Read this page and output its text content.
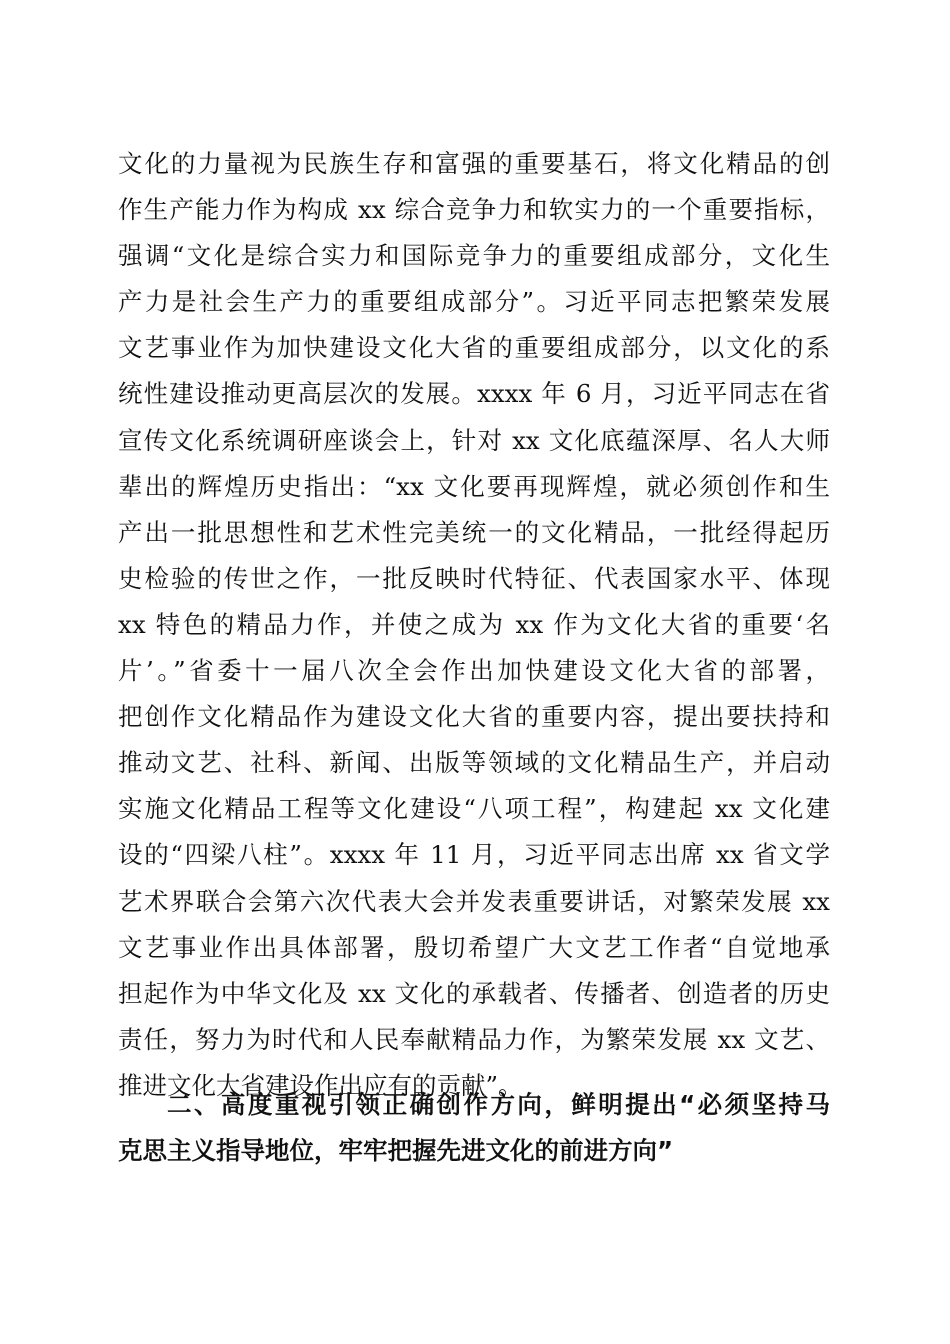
文化的力量视为民族生存和富强的重要基石，将文化精品的创
作生产能力作为构成 xx 综合竞争力和软实力的一个重要指标，
强调“文化是综合实力和国际竞争力的重要组成部分，文化生
产力是社会生产力的重要组成部分”。习近平同志把繁荣发展
文艺事业作为加快建设文化大省的重要组成部分，以文化的系
统性建设推动更高层次的发展。xxxx 年 6 月，习近平同志在省
宣传文化系统调研座谈会上，针对 xx 文化底蕴深厚、名人大师
辈出的辉煌历史指出：“xx 文化要再现辉煌，就必须创作和生
产出一批思想性和艺术性完美统一的文化精品，一批经得起历
史检验的传世之作，一批反映时代特征、代表国家水平、体现
xx 特色的精品力作，并使之成为 xx 作为文化大省的重要‘名
片’。”省委十一届八次全会作出加快建设文化大省的部署，
把创作文化精品作为建设文化大省的重要内容，提出要扶持和
推动文艺、社科、新闻、出版等领域的文化精品生产，并启动
实施文化精品工程等文化建设“八项工程”，构建起 xx 文化建
设的“四梁八柱”。xxxx 年 11 月，习近平同志出席 xx 省文学
艺术界联合会第六次代表大会并发表重要讲话，对繁荣发展 xx
文艺事业作出具体部署，殷切希望广大文艺工作者“自觉地承
担起作为中华文化及 xx 文化的承载者、传播者、创造者的历史
责任，努力为时代和人民奉献精品力作，为繁荣发展 xx 文艺、
推进文化大省建设作出应有的贡献”。
二、高度重视引领正确创作方向，鲜明提出“必须坚持马
克思主义指导地位，牢牢把握先进文化的前进方向”
